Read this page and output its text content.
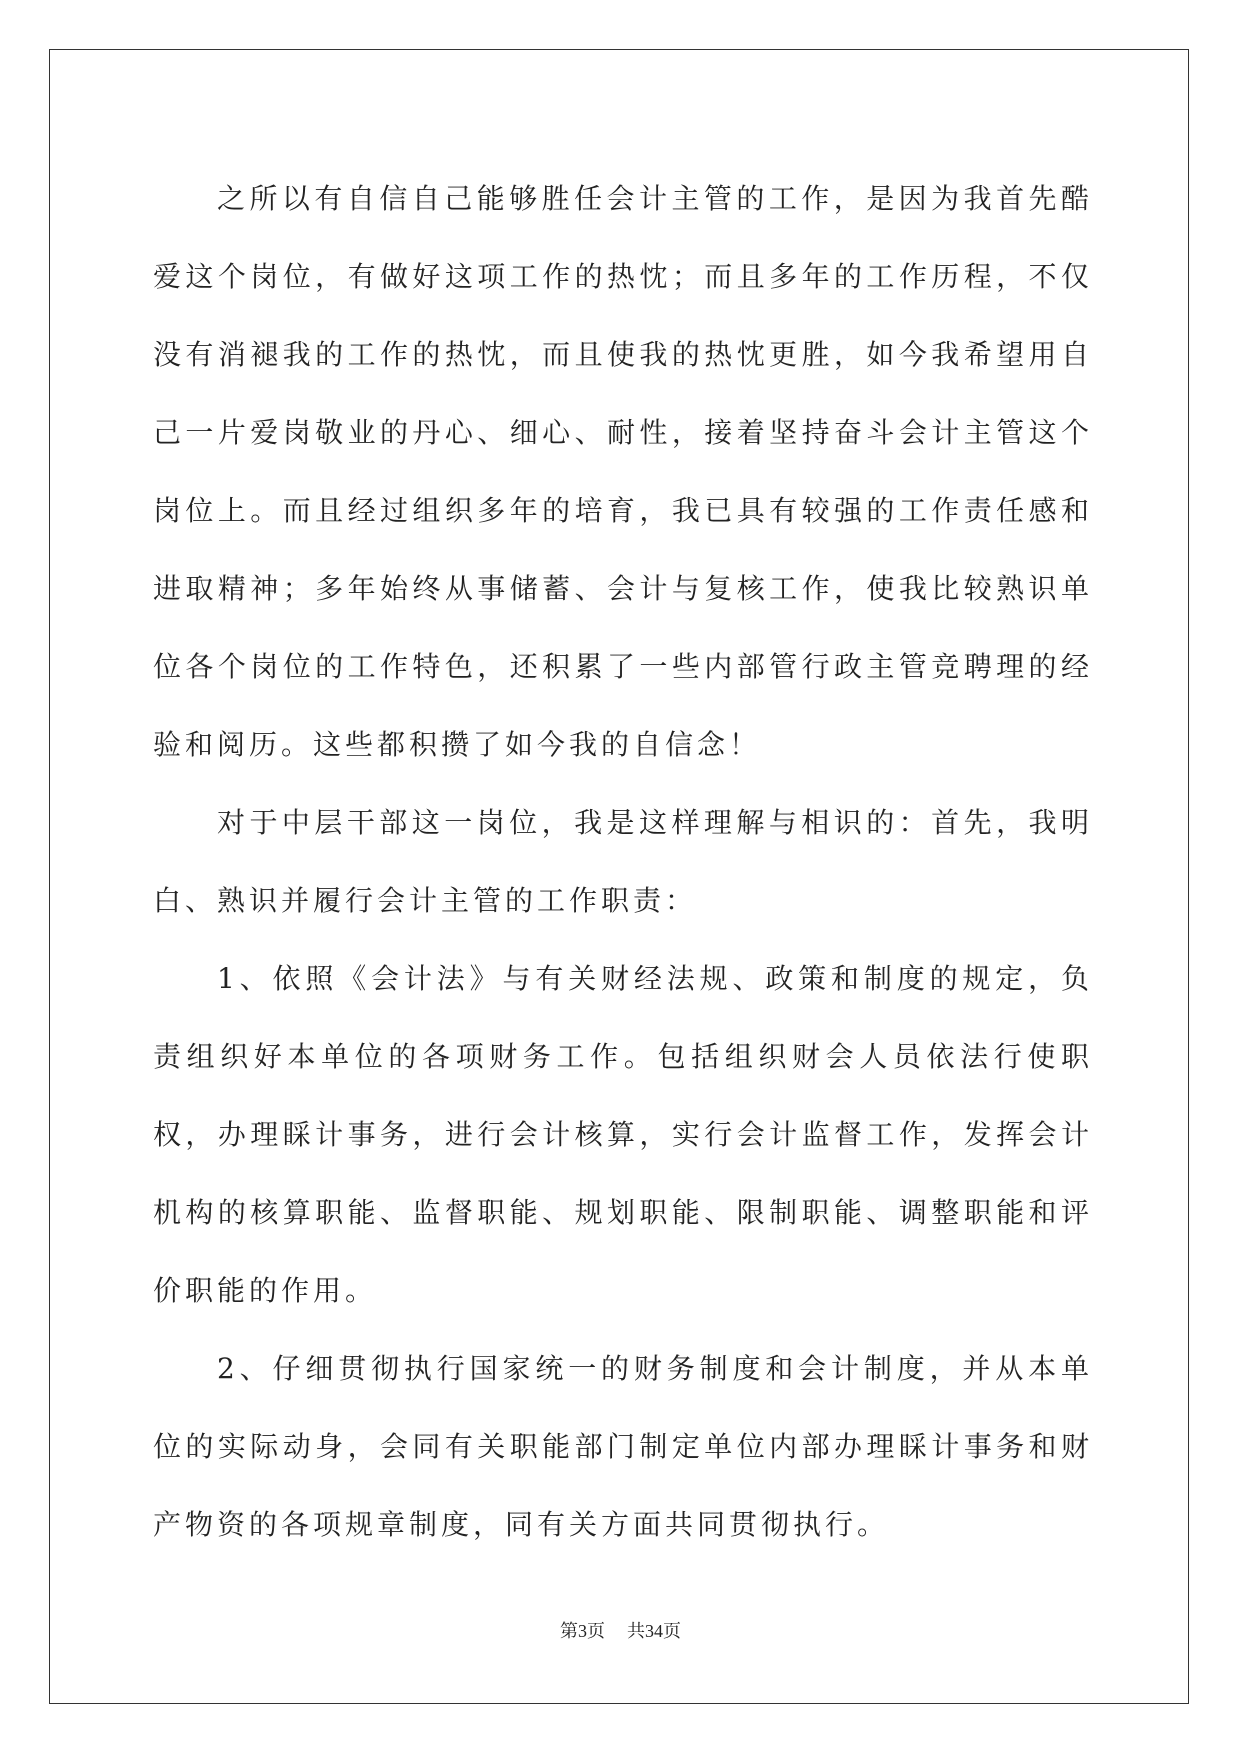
之所以有自信自己能够胜任会计主管的工作，是因为我首先酷爱这个岗位，有做好这项工作的热忱；而且多年的工作历程，不仅没有消褪我的工作的热忱，而且使我的热忱更胜，如今我希望用自己一片爱岗敬业的丹心、细心、耐性，接着坚持奋斗会计主管这个岗位上。而且经过组织多年的培育，我已具有较强的工作责任感和进取精神；多年始终从事储蓄、会计与复核工作，使我比较熟识单位各个岗位的工作特色，还积累了一些内部管行政主管竞聘理的经验和阅历。这些都积攒了如今我的自信念！

对于中层干部这一岗位，我是这样理解与相识的：首先，我明白、熟识并履行会计主管的工作职责：

1、依照《会计法》与有关财经法规、政策和制度的规定，负责组织好本单位的各项财务工作。包括组织财会人员依法行使职权，办理睬计事务，进行会计核算，实行会计监督工作，发挥会计机构的核算职能、监督职能、规划职能、限制职能、调整职能和评价职能的作用。

2、仔细贯彻执行国家统一的财务制度和会计制度，并从本单位的实际动身，会同有关职能部门制定单位内部办理睬计事务和财产物资的各项规章制度，同有关方面共同贯彻执行。

第3页 共34页
